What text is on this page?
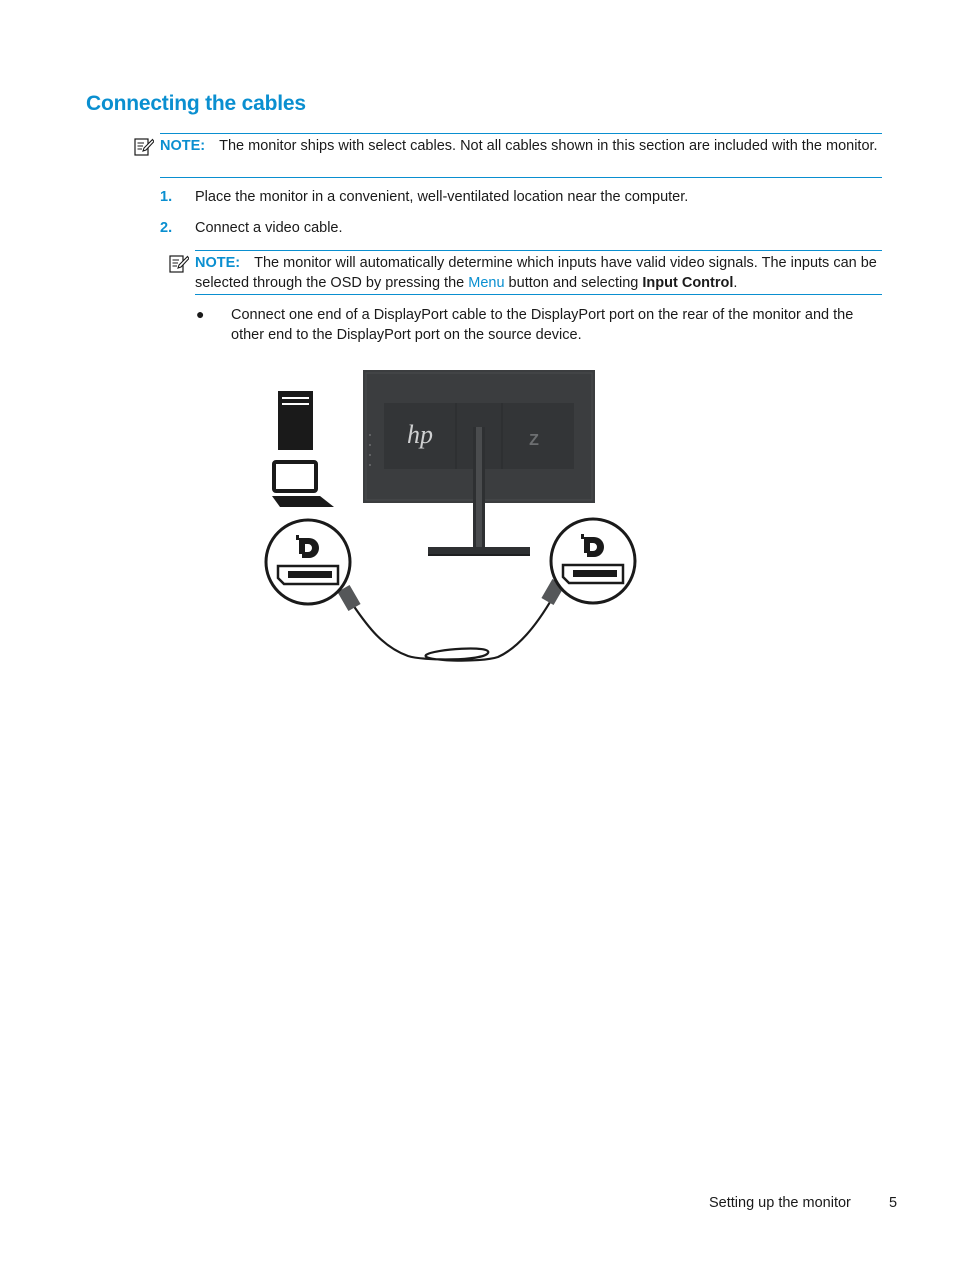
Connecting the cables
NOTE: The monitor ships with select cables. Not all cables shown in this section are included with the monitor.
1. Place the monitor in a convenient, well-ventilated location near the computer.
2. Connect a video cable.
NOTE: The monitor will automatically determine which inputs have valid video signals. The inputs can be selected through the OSD by pressing the Menu button and selecting Input Control.
● Connect one end of a DisplayPort cable to the DisplayPort port on the rear of the monitor and the other end to the DisplayPort port on the source device.
hp	Z
Setting up the monitor	5
